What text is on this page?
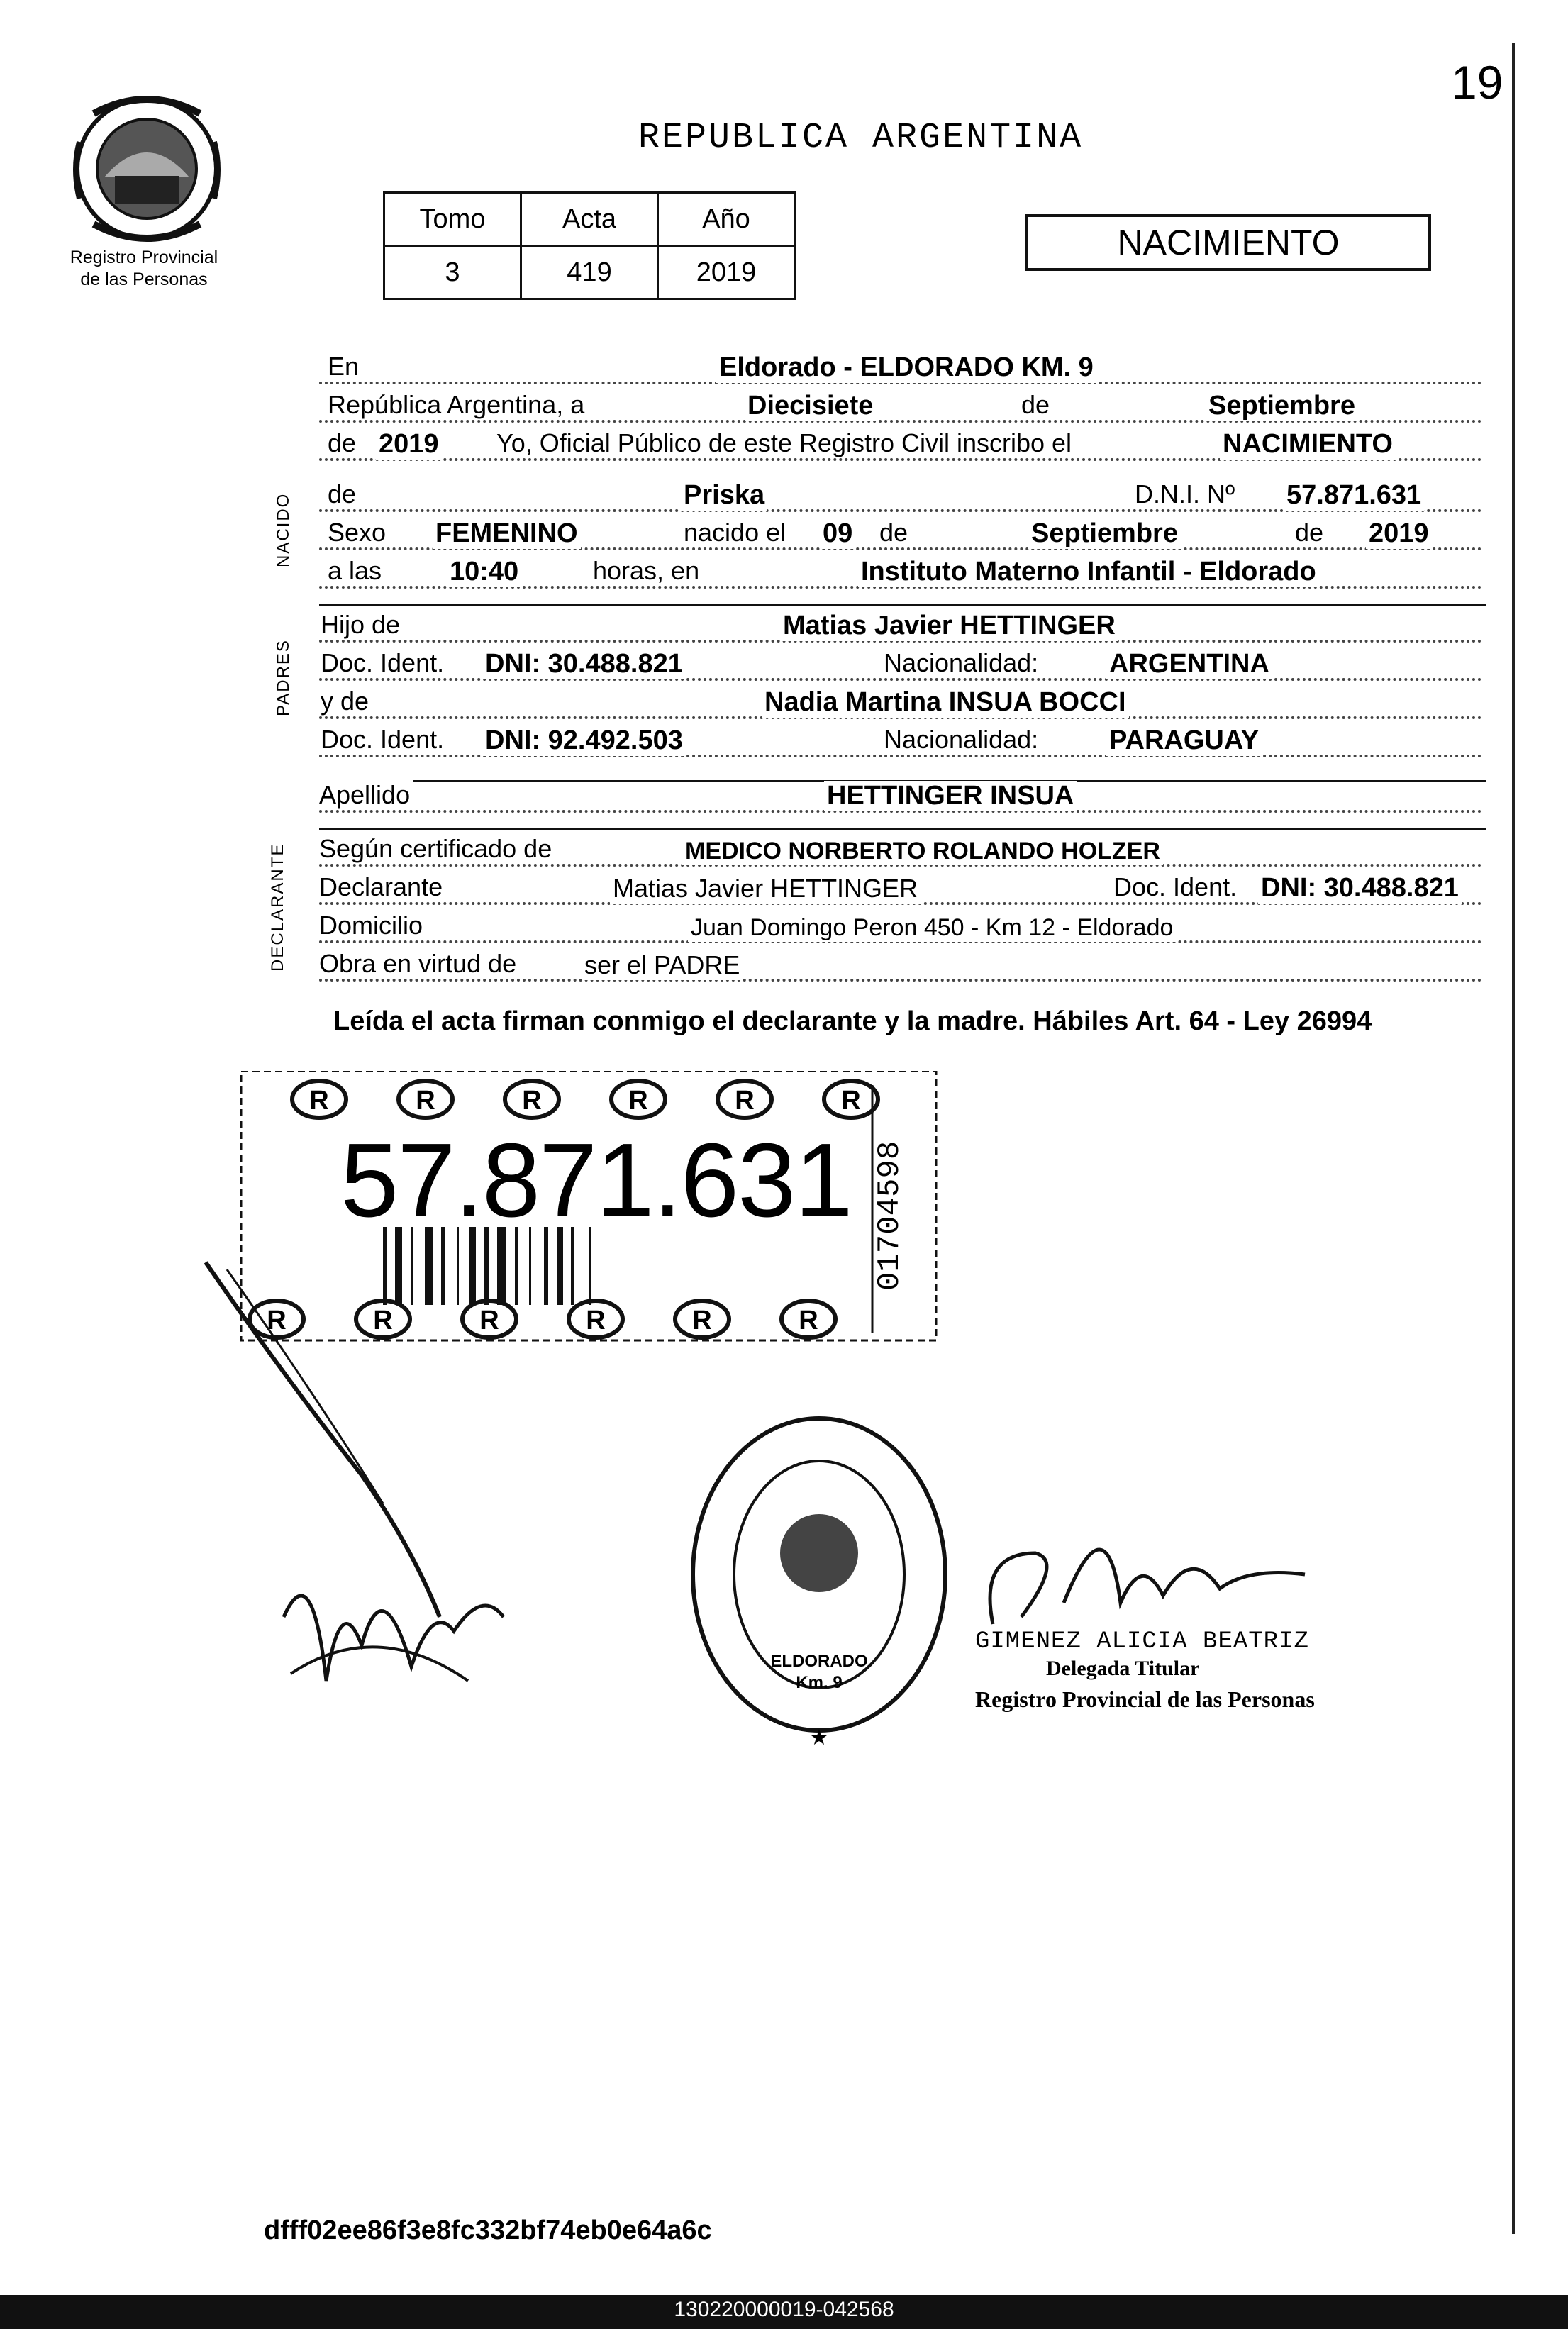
19
Registro Provincial
de las Personas
REPUBLICA ARGENTINA
Tomo	Acta	Año
3	419	2019
NACIMIENTO
NACIDO
PADRES
DECLARANTE
En	Eldorado - ELDORADO KM. 9
República Argentina, a	Diecisiete	de	Septiembre
de 2019 Yo, Oficial Público de este Registro Civil inscribo el	NACIMIENTO
de	Priska	D.N.I. Nº 57.871.631
Sexo FEMENINO	nacido el 09 de	Septiembre	de 2019
a las	10:40	horas, en	Instituto Materno Infantil - Eldorado
Hijo de	Matias Javier HETTINGER
Doc. Ident. DNI: 30.488.821	Nacionalidad:	ARGENTINA
y de	Nadia Martina INSUA BOCCI
Doc. Ident. DNI: 92.492.503	Nacionalidad:	PARAGUAY
Apellido	HETTINGER INSUA
Según certificado de	MEDICO NORBERTO ROLANDO HOLZER
Declarante	Matias Javier HETTINGER	Doc. Ident. DNI: 30.488.821
Domicilio	Juan Domingo Peron 450 - Km 12 - Eldorado
Obra en virtud de	ser el PADRE
Leída el acta firman conmigo el declarante y la madre. Hábiles Art. 64 - Ley 26994
R	R	R	R	R	R
R	R	R	R	R	R
57.871.631 01704598
ELDORADO
Km. 9
★
GIMENEZ ALICIA BEATRIZ
Delegada Titular
Registro Provincial de las Personas
dfff02ee86f3e8fc332bf74eb0e64a6c
130220000019-042568
